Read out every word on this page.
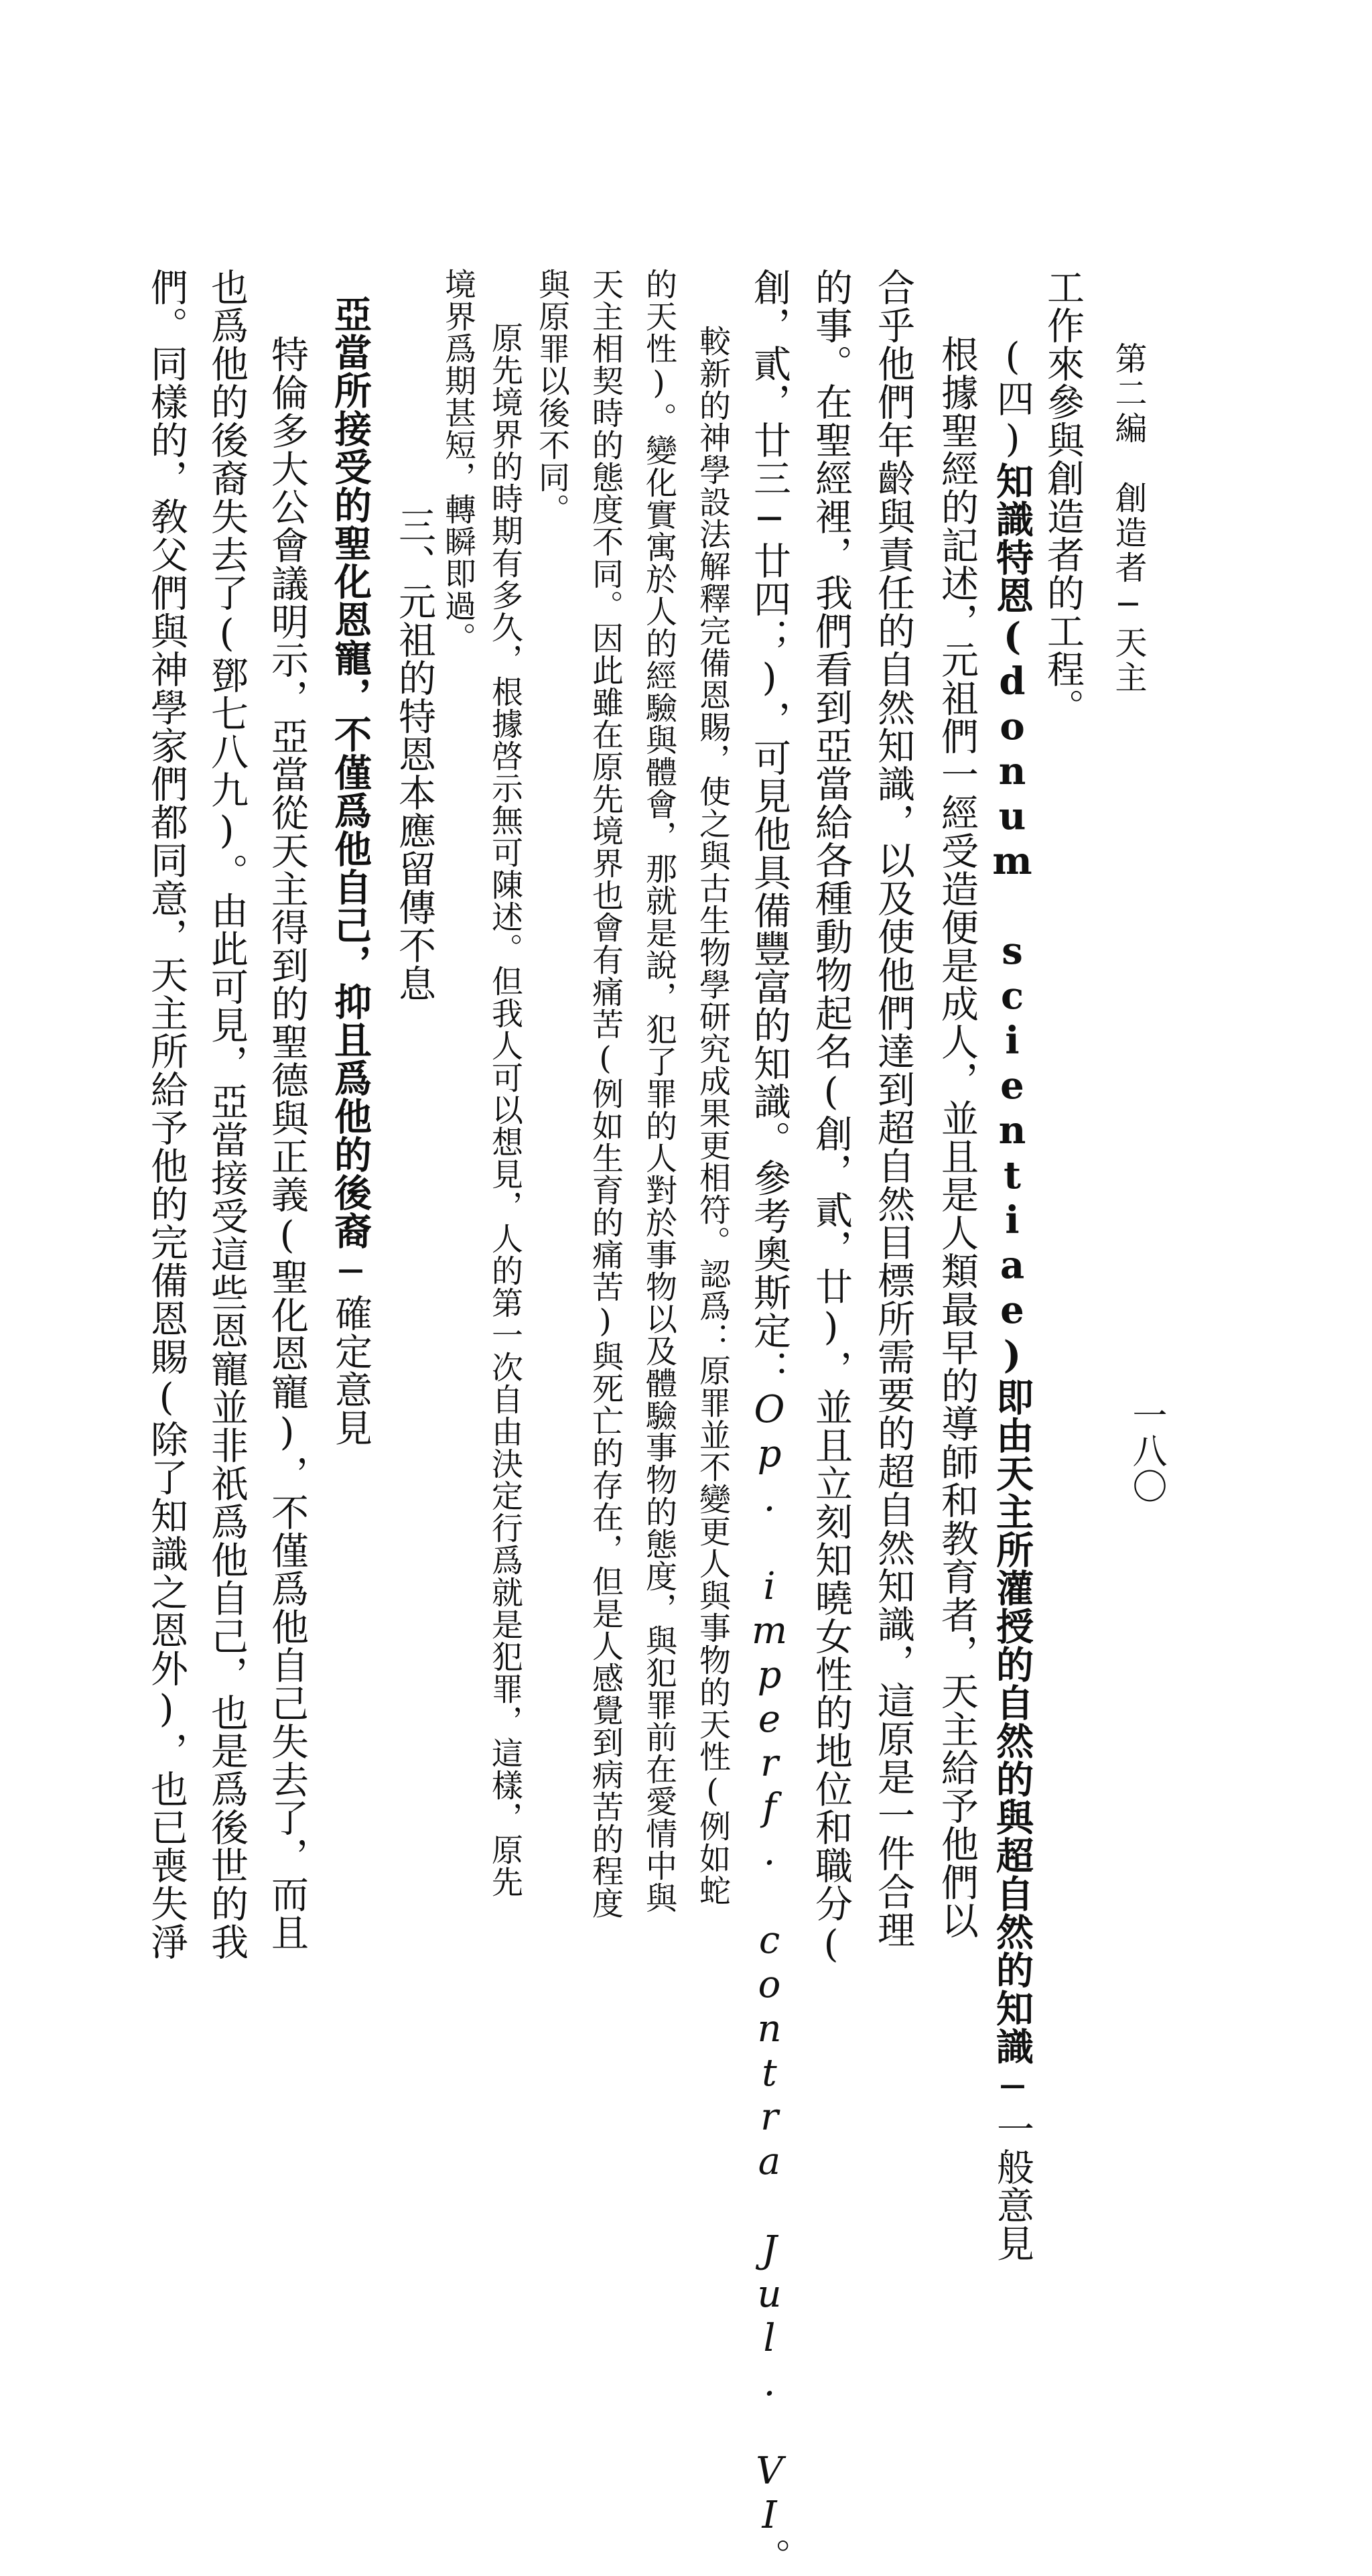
第二編　創造者─天主
一八〇
工作來參與創造者的工程。
(四)知識特恩(donum scientiae)即由天主所灌授的自然的與超自然的知識─一般意見
根據聖經的記述，元祖們一經受造便是成人，並且是人類最早的導師和教育者，天主給予他們以
合乎他們年齡與責任的自然知識，以及使他們達到超自然目標所需要的超自然知識，這原是一件合理
的事。在聖經裡，我們看到亞當給各種動物起名(創，貳，廿)，並且立刻知曉女性的地位和職分(
創，貳，廿三─廿四；)，可見他具備豐富的知識。參考奧斯定：Op. imperf. contra Jul. VI。
較新的神學設法解釋完備恩賜，使之與古生物學研究成果更相符。認爲：原罪並不變更人與事物的天性(例如蛇
的天性)。變化實寓於人的經驗與體會，那就是說，犯了罪的人對於事物以及體驗事物的態度，與犯罪前在愛情中與
天主相契時的態度不同。因此雖在原先境界也會有痛苦(例如生育的痛苦)與死亡的存在，但是人感覺到病苦的程度
與原罪以後不同。
原先境界的時期有多久，根據啓示無可陳述。但我人可以想見，人的第一次自由決定行爲就是犯罪，這樣，原先
境界爲期甚短，轉瞬即過。
三、元祖的特恩本應留傳不息
亞當所接受的聖化恩寵，不僅爲他自己，抑且爲他的後裔─確定意見
特倫多大公會議明示，亞當從天主得到的聖德與正義(聖化恩寵)，不僅爲他自己失去了，而且
也爲他的後裔失去了(鄧七八九)。由此可見，亞當接受這些恩寵並非祇爲他自己，也是爲後世的我
們。同樣的，敎父們與神學家們都同意，天主所給予他的完備恩賜(除了知識之恩外)，也已喪失淨
